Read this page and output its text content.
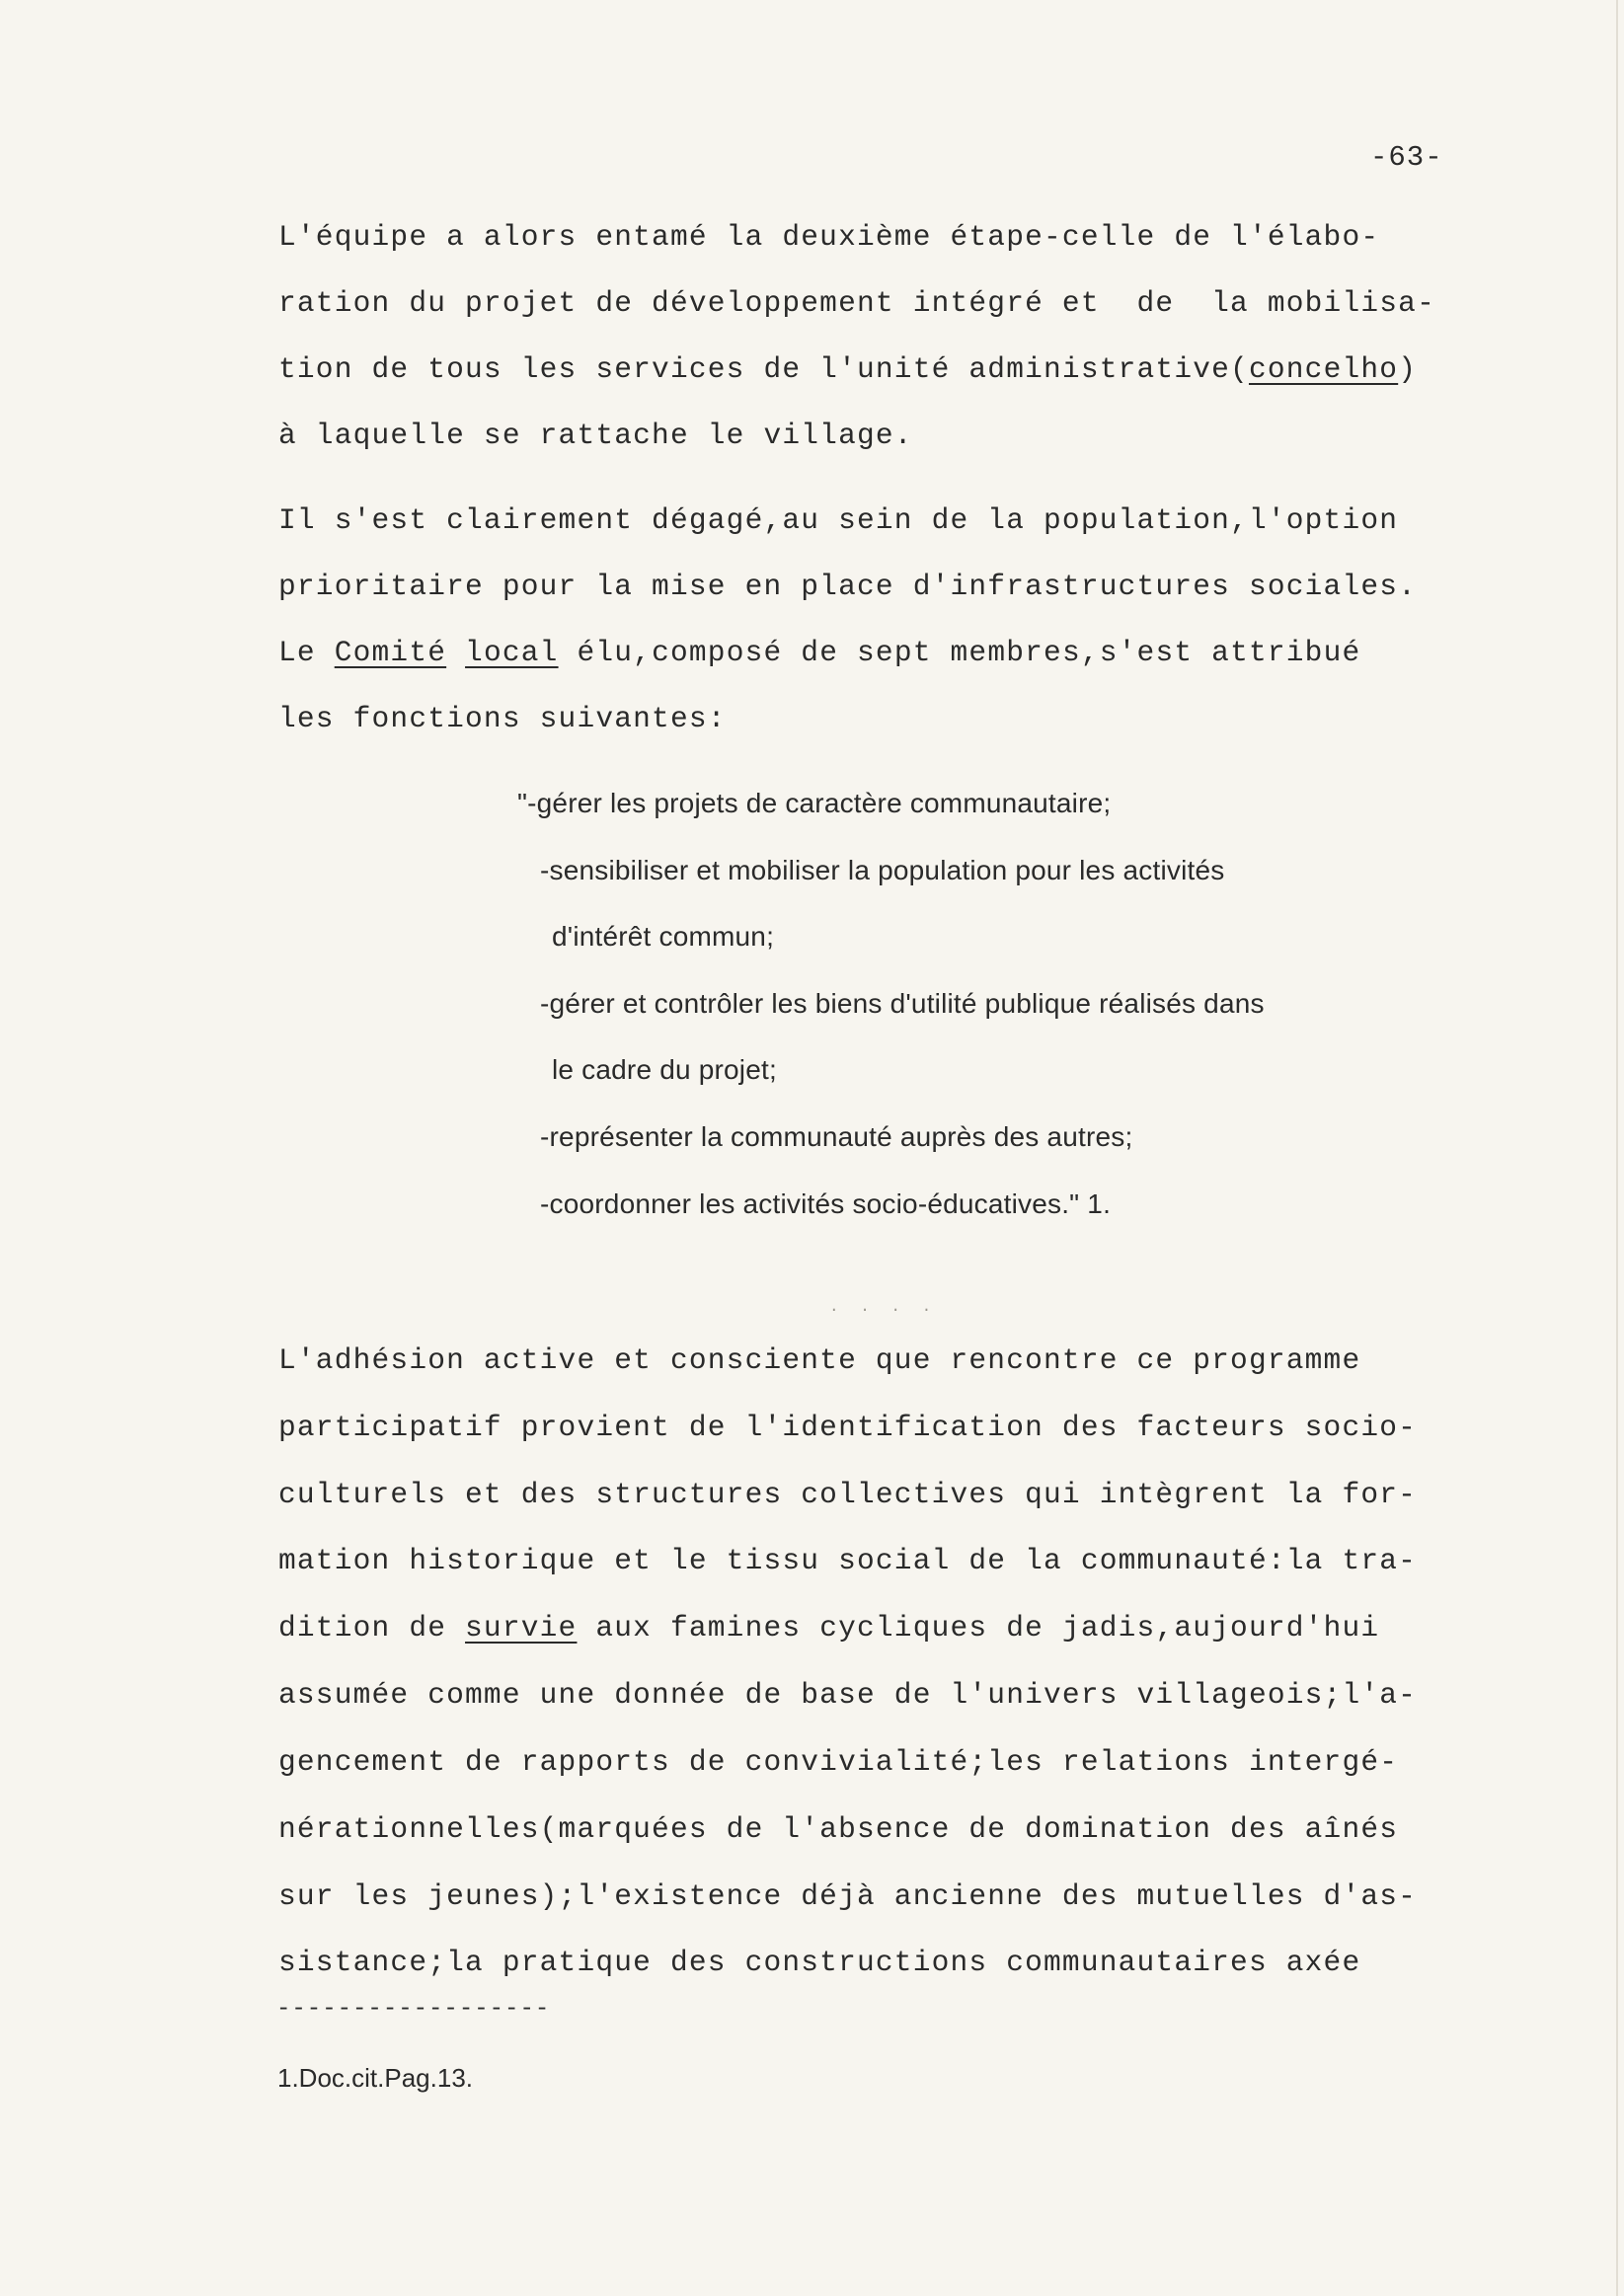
-63-
L'équipe a alors entamé la deuxième étape-celle de l'élabo-
ration du projet de développement intégré et  de  la mobilisa-
tion de tous les services de l'unité administrative(concelho)
à laquelle se rattache le village.
Il s'est clairement dégagé,au sein de la population,l'option
prioritaire pour la mise en place d'infrastructures sociales.
Le Comité local élu,composé de sept membres,s'est attribué
les fonctions suivantes:
"-gérer les projets de caractère communautaire;
-sensibiliser et mobiliser la population pour les activités
d'intérêt commun;
-gérer et contrôler les biens d'utilité publique réalisés dans
le cadre du projet;
-représenter la communauté auprès des autres;
-coordonner les activités socio-éducatives." 1.
· · · ·
L'adhésion active et consciente que rencontre ce programme
participatif provient de l'identification des facteurs socio-
culturels et des structures collectives qui intègrent la for-
mation historique et le tissu social de la communauté:la tra-
dition de survie aux famines cycliques de jadis,aujourd'hui
assumée comme une donnée de base de l'univers villageois;l'a-
gencement de rapports de convivialité;les relations intergé-
nérationnelles(marquées de l'absence de domination des aînés
sur les jeunes);l'existence déjà ancienne des mutuelles d'as-
sistance;la pratique des constructions communautaires axée
------------------
1.Doc.cit.Pag.13.
